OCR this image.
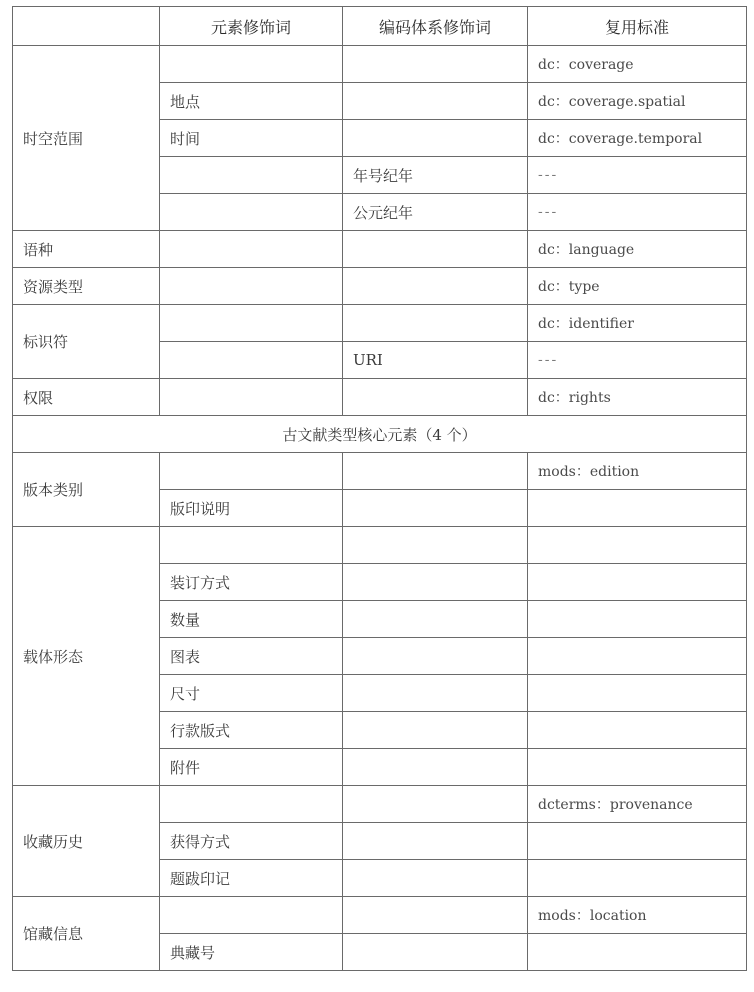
	元素修饰词	编码体系修饰词	复用标准
时空范围			dc：coverage
	地点		dc：coverage.spatial
	时间		dc：coverage.temporal
		年号纪年	---
		公元纪年	---
语种			dc：language
资源类型			dc：type
标识符			dc：identifier
		URI	---
权限			dc：rights
古文献类型核心元素（4 个）			
版本类别			mods：edition
	版印说明		
载体形态			
	装订方式		
	数量		
	图表		
	尺寸		
	行款版式		
	附件		
收藏历史			dcterms：provenance
	获得方式		
	题跋印记		
馆藏信息			mods：location
	典藏号		
